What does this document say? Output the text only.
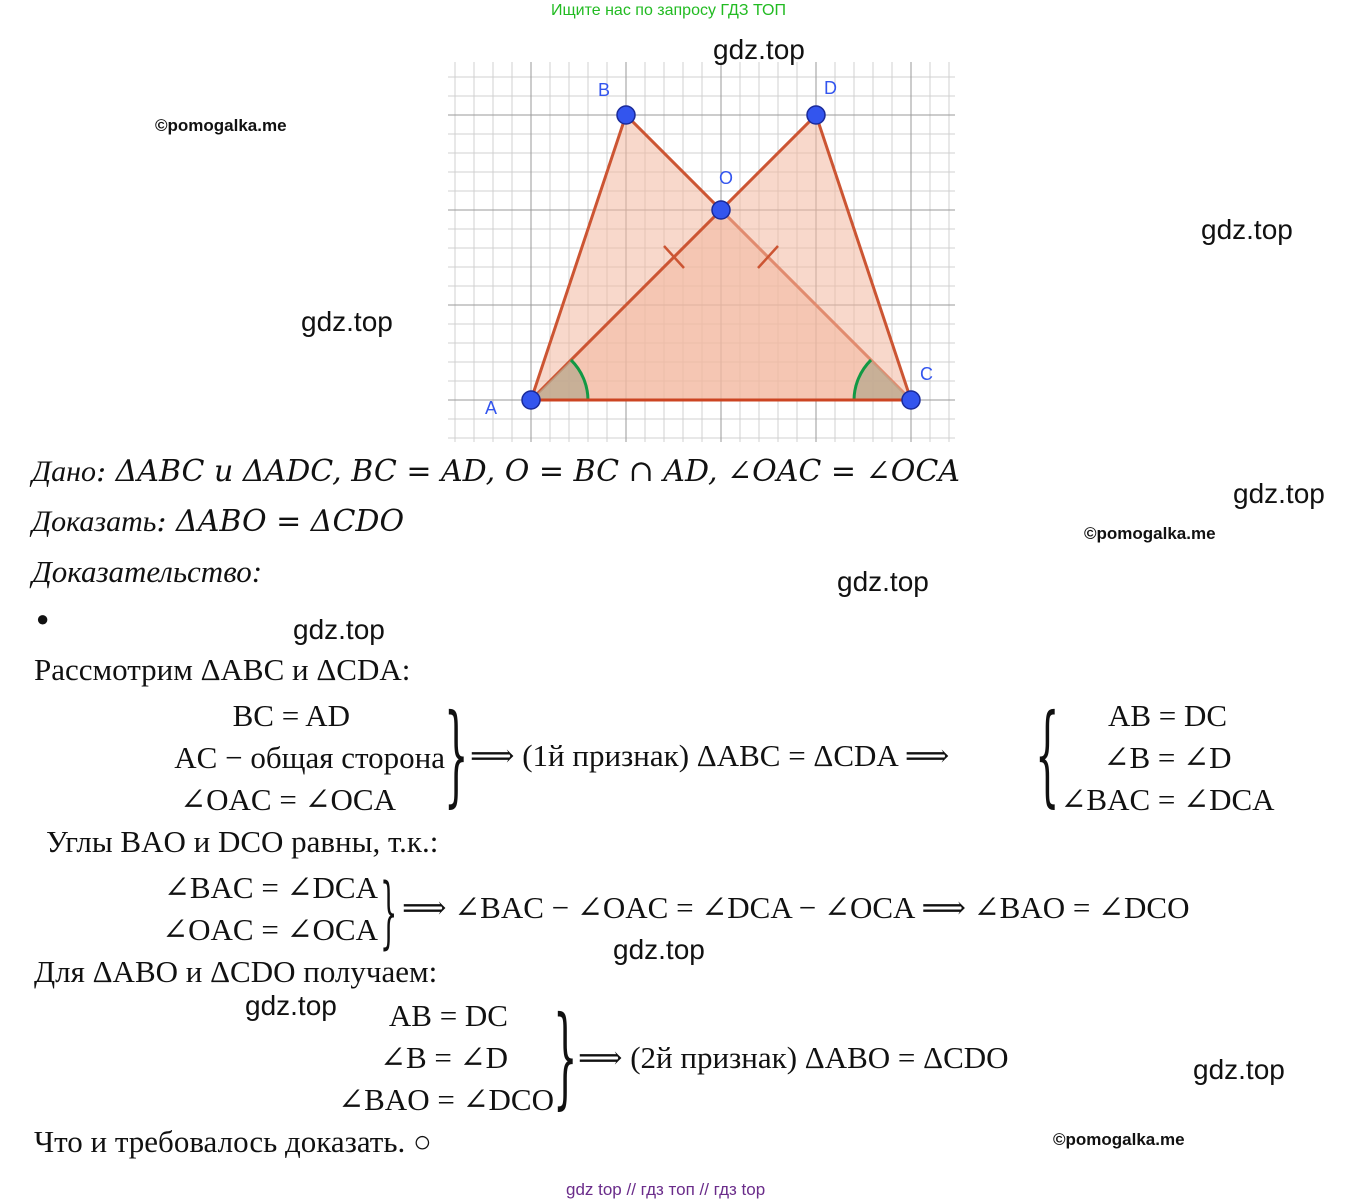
Ищите нас по запросу ГДЗ ТОП
A
B
C
D
O
gdz.top
©pomogalka.me
gdz.top
gdz.top
gdz.top
©pomogalka.me
gdz.top
gdz.top
gdz.top
gdz.top
gdz.top
©pomogalka.me
Дано: ΔABC и ΔADC, BC = AD, O = BC ∩ AD, ∠OAC = ∠OCA
Доказать: ΔABO = ΔCDO
Доказательство:
●
Рассмотрим ΔABC и ΔCDA:
BC = AD
AC − общая сторона
∠OAC = ∠OCA } ⟹ (1й признак) ΔABC = ΔCDA ⟹ {	AB = DC
∠B = ∠D
∠BAC = ∠DCA
Углы BAO и DCO равны, т.к.:
∠BAC = ∠DCA
∠OAC = ∠OCA } ⟹ ∠BAC − ∠OAC = ∠DCA − ∠OCA ⟹ ∠BAO = ∠DCO
Для ΔABO и ΔCDO получаем:
AB = DC
∠B = ∠D
∠BAO = ∠DCO } ⟹ (2й признак) ΔABO = ΔCDO
Что и требовалось доказать. ○
gdz top // гдз топ // гдз top
